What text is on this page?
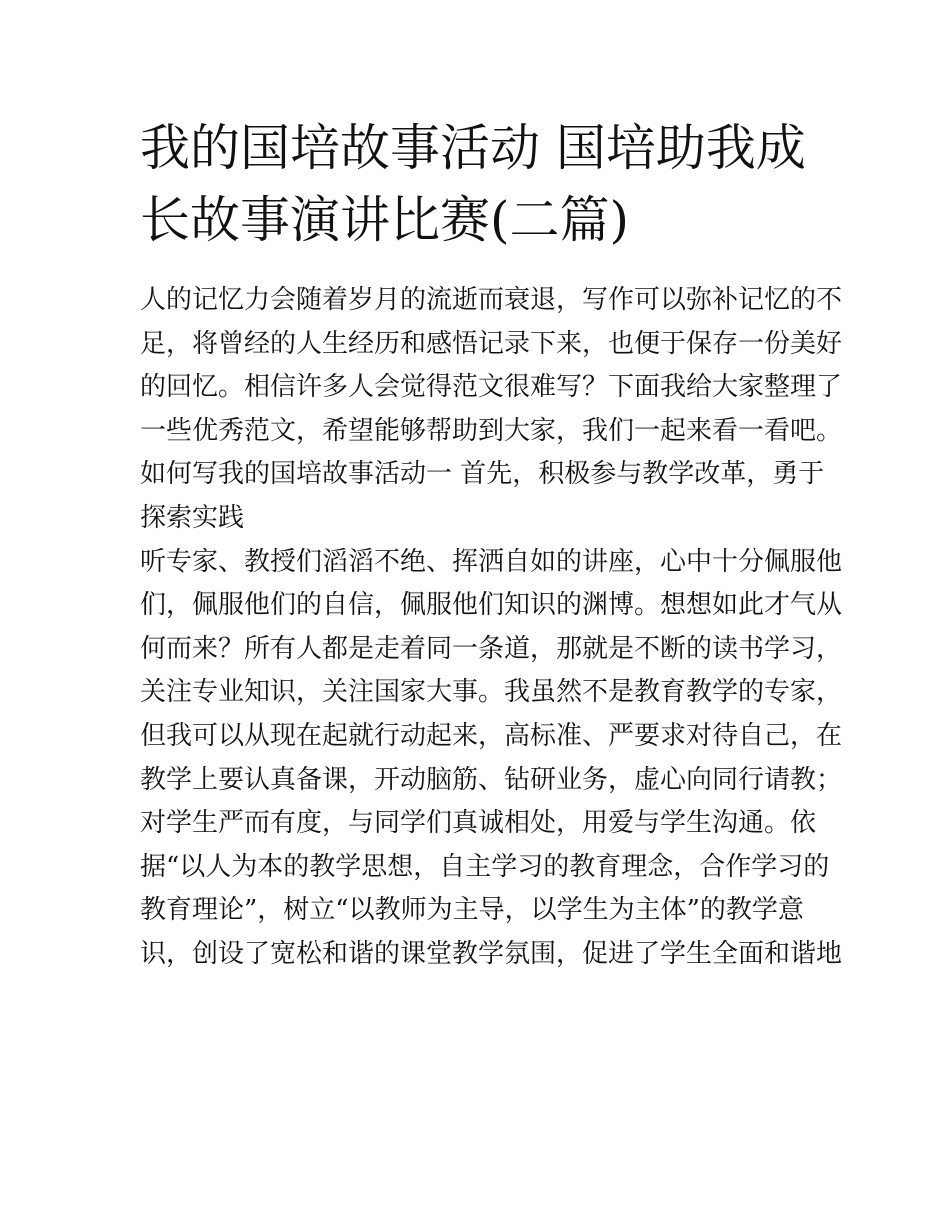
我的国培故事活动 国培助我成
长故事演讲比赛(二篇)
人的记忆力会随着岁月的流逝而衰退，写作可以弥补记忆的不
足，将曾经的人生经历和感悟记录下来，也便于保存一份美好
的回忆。相信许多人会觉得范文很难写？下面我给大家整理了
一些优秀范文，希望能够帮助到大家，我们一起来看一看吧。
如何写我的国培故事活动一 首先，积极参与教学改革，勇于
探索实践
听专家、教授们滔滔不绝、挥洒自如的讲座，心中十分佩服他
们，佩服他们的自信，佩服他们知识的渊博。想想如此才气从
何而来？所有人都是走着同一条道，那就是不断的读书学习，
关注专业知识，关注国家大事。我虽然不是教育教学的专家，
但我可以从现在起就行动起来，高标准、严要求对待自己，在
教学上要认真备课，开动脑筋、钻研业务，虚心向同行请教；
对学生严而有度，与同学们真诚相处，用爱与学生沟通。依
据“以人为本的教学思想，自主学习的教育理念，合作学习的
教育理论”，树立“以教师为主导，以学生为主体”的教学意
识，创设了宽松和谐的课堂教学氛围，促进了学生全面和谐地
